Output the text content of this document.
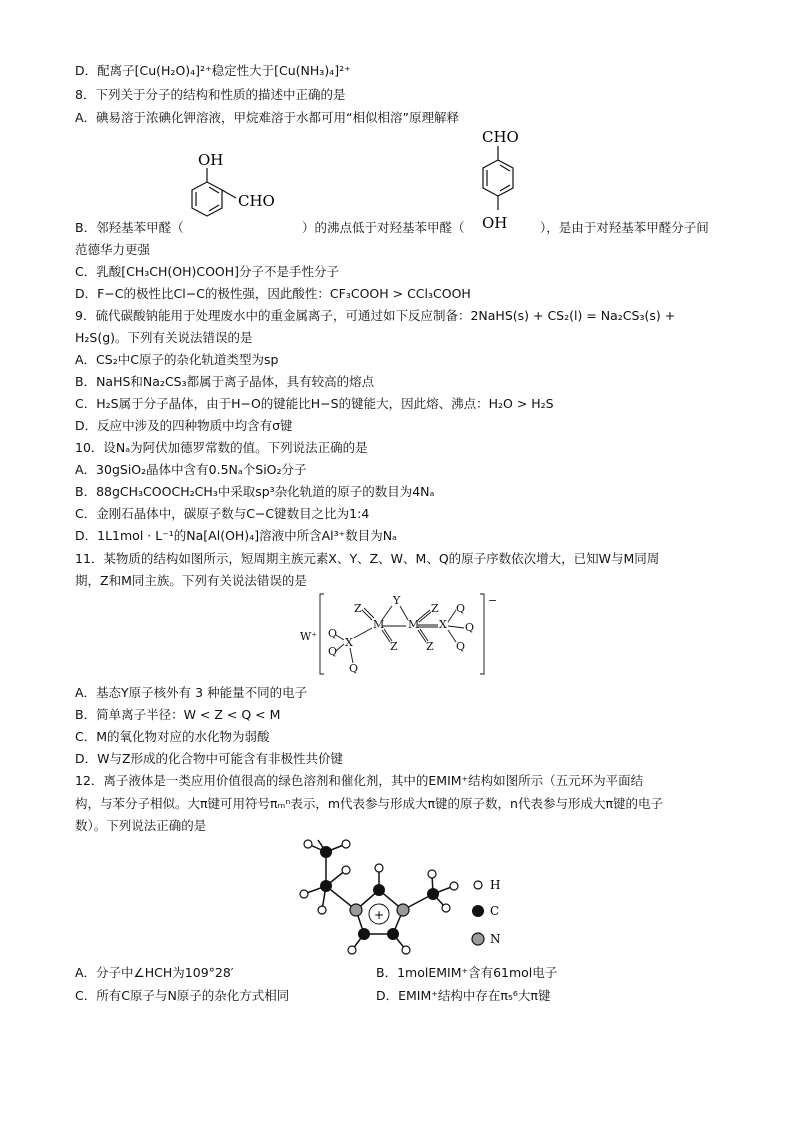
D．配离子[Cu(H₂O)₄]²⁺稳定性大于[Cu(NH₃)₄]²⁺
8．下列关于分子的结构和性质的描述中正确的是
A．碘易溶于浓碘化钾溶液，甲烷难溶于水都可用“相似相溶”原理解释
OH
CHO
CHO
OH
B．邻羟基苯甲醛（	）的沸点低于对羟基苯甲醛（	），是由于对羟基苯甲醛分子间
范德华力更强
C．乳酸[CH₃CH(OH)COOH]分子不是手性分子
D．F−C的极性比Cl−C的极性强，因此酸性：CF₃COOH > CCl₃COOH
9．硫代碳酸钠能用于处理废水中的重金属离子，可通过如下反应制备：2NaHS(s) + CS₂(l) = Na₂CS₃(s) +
H₂S(g)。下列有关说法错误的是
A．CS₂中C原子的杂化轨道类型为sp
B．NaHS和Na₂CS₃都属于离子晶体，具有较高的熔点
C．H₂S属于分子晶体，由于H−O的键能比H−S的键能大，因此熔、沸点：H₂O > H₂S
D．反应中涉及的四种物质中均含有σ键
10．设Nₐ为阿伏加德罗常数的值。下列说法正确的是
A．30gSiO₂晶体中含有0.5Nₐ个SiO₂分子
B．88gCH₃COOCH₂CH₃中采取sp³杂化轨道的原子的数目为4Nₐ
C．金刚石晶体中，碳原子数与C−C键数目之比为1:4
D．1L1mol · L⁻¹的Na[Al(OH)₄]溶液中所含Al³⁺数目为Nₐ
11．某物质的结构如图所示，短周期主族元素X、Y、Z、W、M、Q的原子序数依次增大，已知W与M同周
期，Z和M同主族。下列有关说法错误的是
W⁺
−
Z
Y
Z
M M X
X	Z	Z
Q
Q
Q
Q
Q
Q
A．基态Y原子核外有 3 种能量不同的电子
B．简单离子半径：W < Z < Q < M
C．M的氧化物对应的水化物为弱酸
D．W与Z形成的化合物中可能含有非极性共价键
12．离子液体是一类应用价值很高的绿色溶剂和催化剂，其中的EMIM⁺结构如图所示（五元环为平面结
构，与苯分子相似。大π键可用符号πₘⁿ表示，m代表参与形成大π键的原子数，n代表参与形成大π键的电子
数）。下列说法正确的是
+
H
C
N
A．分子中∠HCH为109°28′	B．1molEMIM⁺含有61mol电子
C．所有C原子与N原子的杂化方式相同	D．EMIM⁺结构中存在π₅⁶大π键
